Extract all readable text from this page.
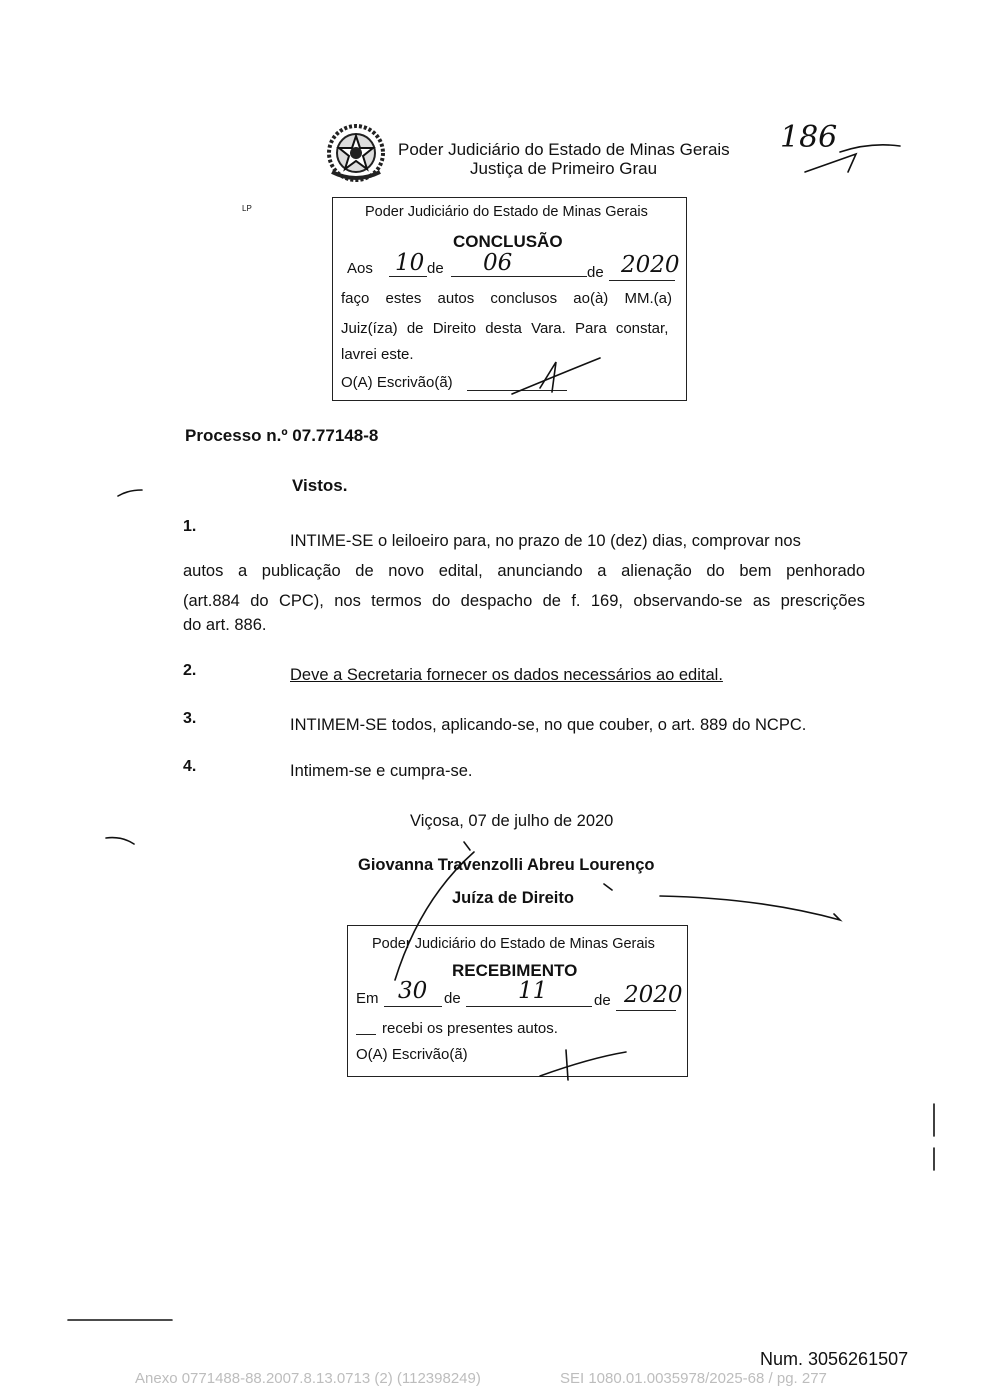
Poder Judiciário do Estado de Minas Gerais
Justiça de Primeiro Grau
186
LP	Poder Judiciário do Estado de Minas Gerais
CONCLUSÃO
Aos 10 de 06	de 2020
faço estes autos conclusos ao(à) MM.(a)
Juiz(íza) de Direito desta Vara. Para constar,
lavrei este.
O(A) Escrivão(ã)
Processo n.º 07.77148-8
Vistos.
1.
INTIME-SE o leiloeiro para, no prazo de 10 (dez) dias, comprovar nos
autos a publicação de novo edital, anunciando a alienação do bem penhorado
(art.884 do CPC), nos termos do despacho de f. 169, observando-se as prescrições
do art. 886.
2.	Deve a Secretaria fornecer os dados necessários ao edital.
3.	INTIMEM-SE todos, aplicando-se, no que couber, o art. 889 do NCPC.
4.	Intimem-se e cumpra-se.
Viçosa, 07 de julho de 2020
Giovanna Travenzolli Abreu Lourenço
Juíza de Direito
Poder Judiciário do Estado de Minas Gerais
RECEBIMENTO
Em 30 de 11	de 2020
recebi os presentes autos.
O(A) Escrivão(ã)
Num. 3056261507
Anexo 0771488-88.2007.8.13.0713 (2) (112398249)	SEI 1080.01.0035978/2025-68 / pg. 277
